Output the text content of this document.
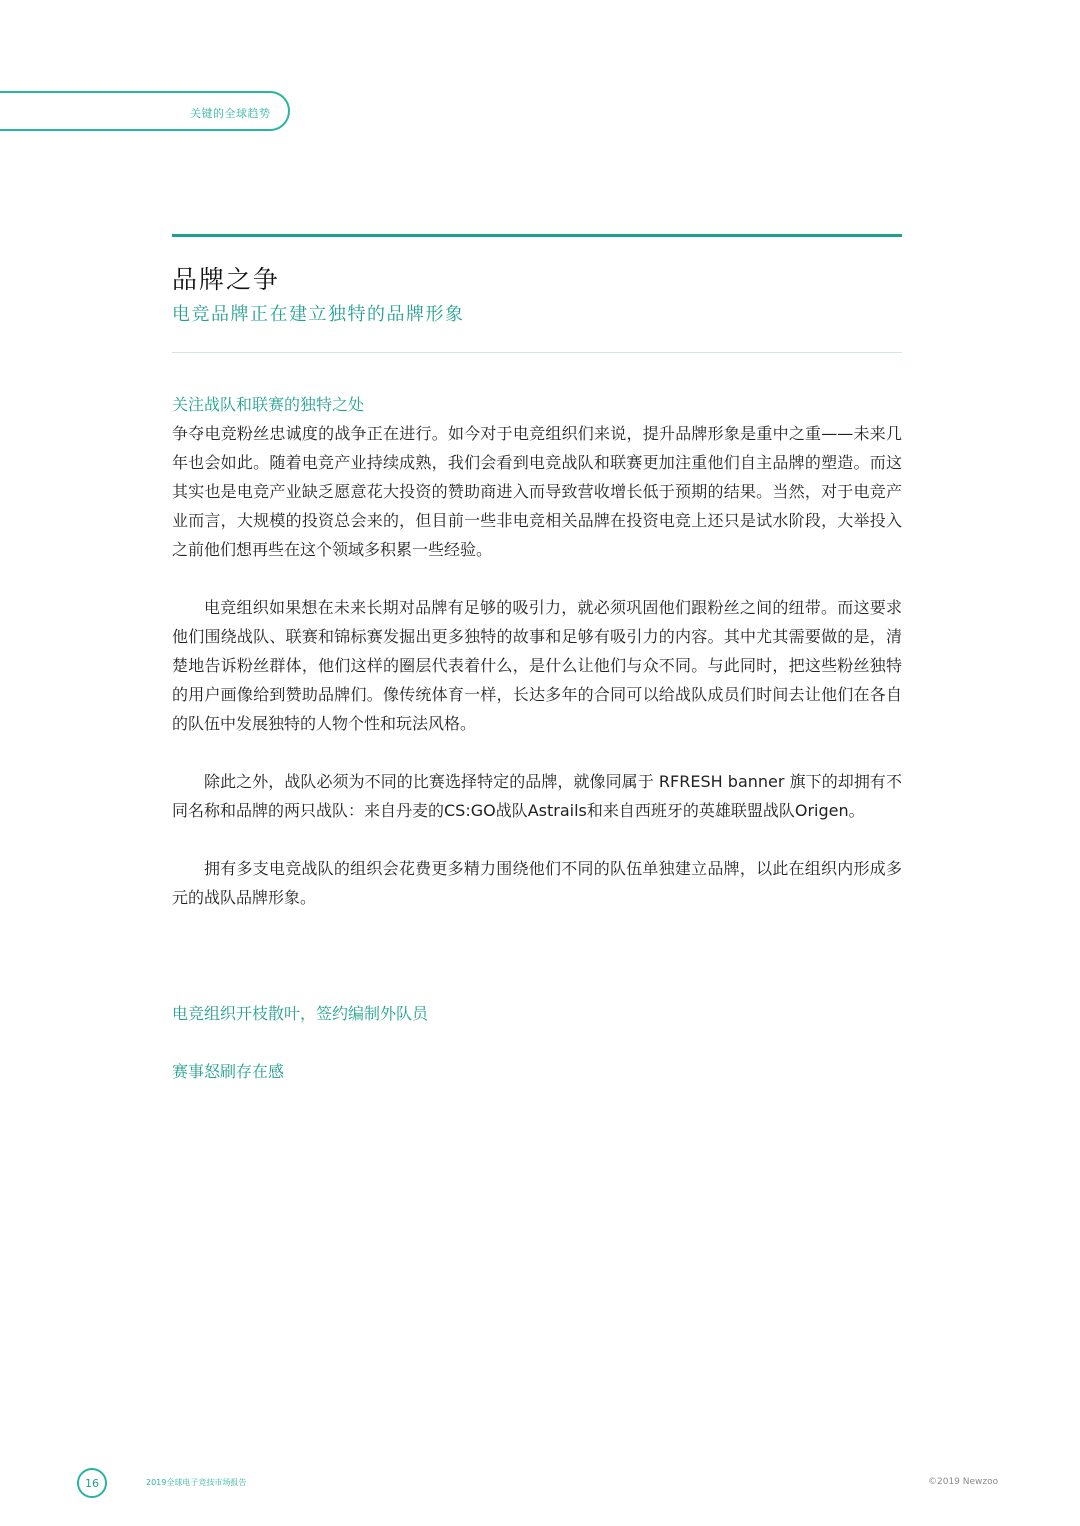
关键的全球趋势
品牌之争
电竞品牌正在建立独特的品牌形象
关注战队和联赛的独特之处

争夺电竞粉丝忠诚度的战争正在进行。如今对于电竞组织们来说，提升品牌形象是重中之重——未来几年也会如此。随着电竞产业持续成熟，我们会看到电竞战队和联赛更加注重他们自主品牌的塑造。而这其实也是电竞产业缺乏愿意花大投资的赞助商进入而导致营收增长低于预期的结果。当然，对于电竞产业而言，大规模的投资总会来的，但目前一些非电竞相关品牌在投资电竞上还只是试水阶段，大举投入之前他们想再些在这个领域多积累一些经验。

电竞组织如果想在未来长期对品牌有足够的吸引力，就必须巩固他们跟粉丝之间的纽带。而这要求他们围绕战队、联赛和锦标赛发掘出更多独特的故事和足够有吸引力的内容。其中尤其需要做的是，清楚地告诉粉丝群体，他们这样的圈层代表着什么，是什么让他们与众不同。与此同时，把这些粉丝独特的用户画像给到赞助品牌们。像传统体育一样，长达多年的合同可以给战队成员们时间去让他们在各自的队伍中发展独特的人物个性和玩法风格。

除此之外，战队必须为不同的比赛选择特定的品牌，就像同属于 RFRESH banner 旗下的却拥有不同名称和品牌的两只战队：来自丹麦的CS:GO战队Astrails和来自西班牙的英雄联盟战队Origen。

拥有多支电竞战队的组织会花费更多精力围绕他们不同的队伍单独建立品牌，以此在组织内形成多元的战队品牌形象。

电竞组织开枝散叶，签约编制外队员
赛事怒刷存在感
16	2019全球电子竞技市场报告	©2019 Newzoo
